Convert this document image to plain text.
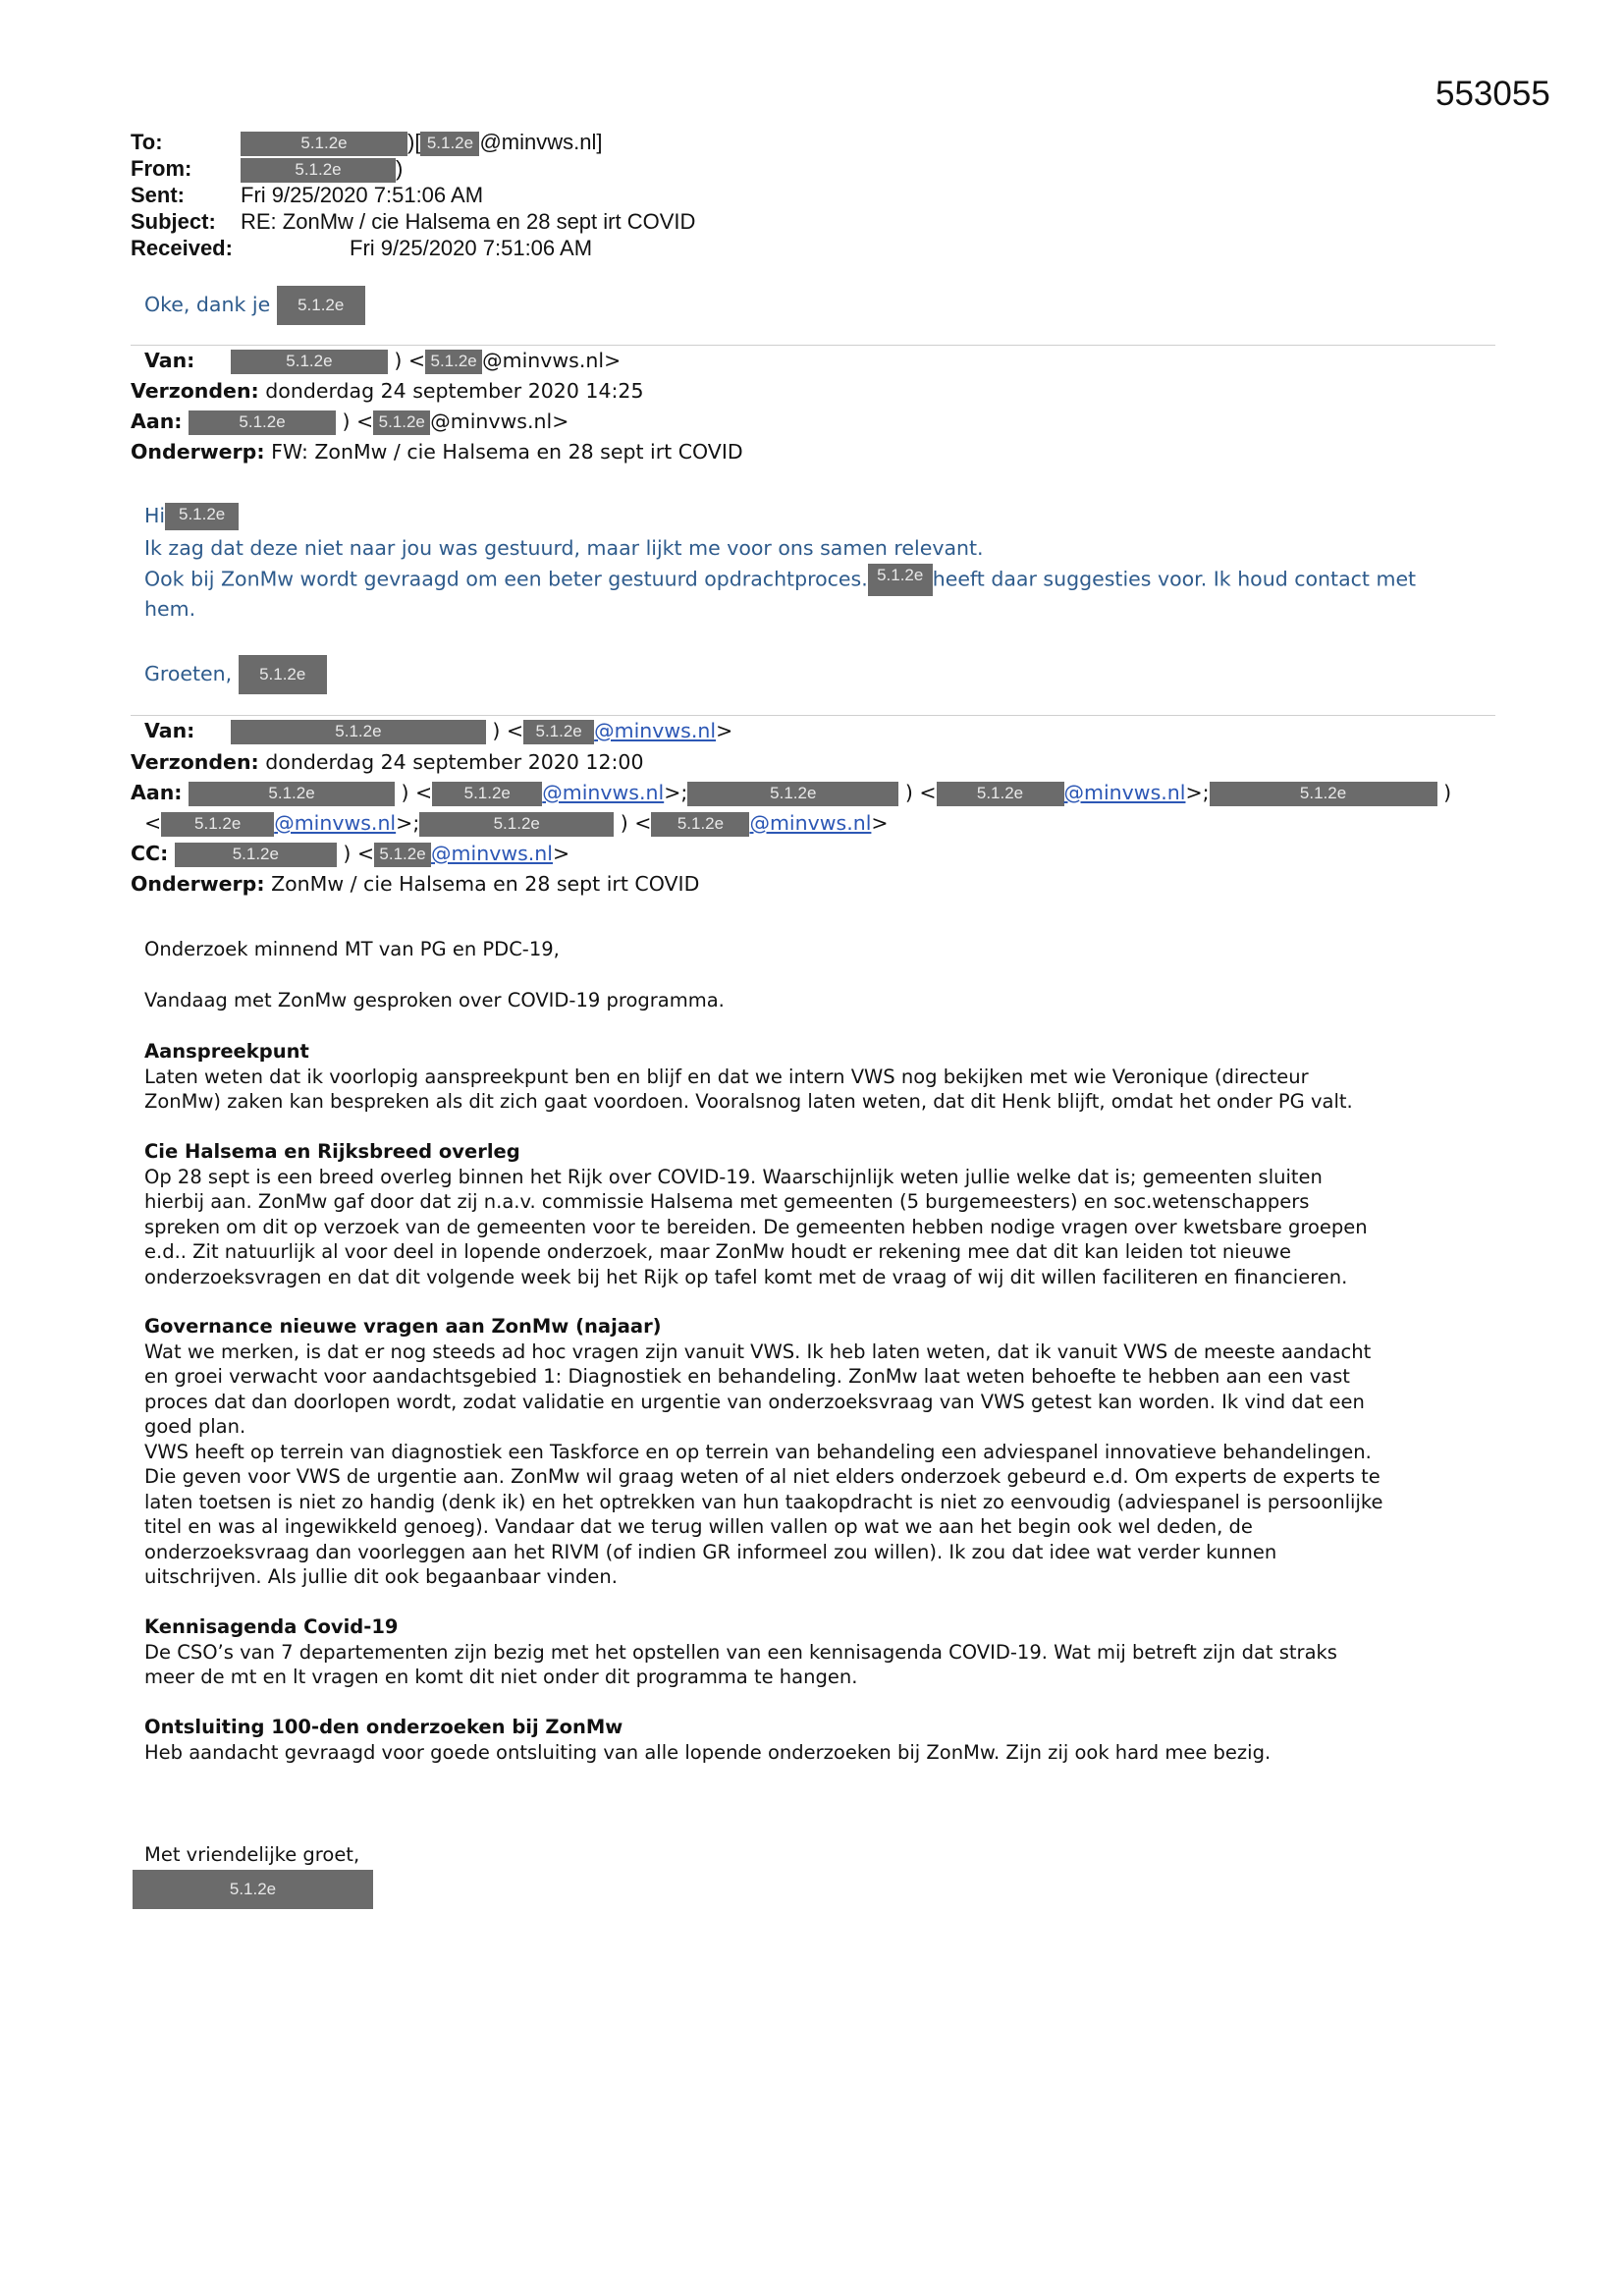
553055
To:	5.1.2e	)[ 5.1.2e @minvws.nl]
From:	5.1.2e	)
Sent:	Fri 9/25/2020 7:51:06 AM
Subject: RE: ZonMw / cie Halsema en 28 sept irt COVID
Received:	Fri 9/25/2020 7:51:06 AM
Oke, dank je 5.1.2e
Van:	5.1.2e	) < 5.1.2e @minvws.nl>
Verzonden: donderdag 24 september 2020 14:25
Aan:	5.1.2e	) < 5.1.2e @minvws.nl>
Onderwerp: FW: ZonMw / cie Halsema en 28 sept irt COVID
Hi 5.1.2e
Ik zag dat deze niet naar jou was gestuurd, maar lijkt me voor ons samen relevant.
Ook bij ZonMw wordt gevraagd om een beter gestuurd opdrachtproces. 5.1.2e heeft daar suggesties voor. Ik houd contact met
hem.
Groeten, 5.1.2e
Van:	5.1.2e	) < 5.1.2e @minvws.nl>
Verzonden: donderdag 24 september 2020 12:00
Aan:	5.1.2e	) < 5.1.2e @minvws.nl>;	5.1.2e	) < 5.1.2e @minvws.nl>;	5.1.2e	)
< 5.1.2e @minvws.nl>;	5.1.2e	) < 5.1.2e @minvws.nl>
CC:	5.1.2e	) < 5.1.2e @minvws.nl>
Onderwerp: ZonMw / cie Halsema en 28 sept irt COVID
Onderzoek minnend MT van PG en PDC-19,
Vandaag met ZonMw gesproken over COVID-19 programma.

Aanspreekpunt

Laten weten dat ik voorlopig aanspreekpunt ben en blijf en dat we intern VWS nog bekijken met wie Veronique (directeur

ZonMw) zaken kan bespreken als dit zich gaat voordoen. Vooralsnog laten weten, dat dit Henk blijft, omdat het onder PG valt.

Cie Halsema en Rijksbreed overleg

Op 28 sept is een breed overleg binnen het Rijk over COVID-19. Waarschijnlijk weten jullie welke dat is; gemeenten sluiten

hierbij aan. ZonMw gaf door dat zij n.a.v. commissie Halsema met gemeenten (5 burgemeesters) en soc.wetenschappers

spreken om dit op verzoek van de gemeenten voor te bereiden. De gemeenten hebben nodige vragen over kwetsbare groepen

e.d.. Zit natuurlijk al voor deel in lopende onderzoek, maar ZonMw houdt er rekening mee dat dit kan leiden tot nieuwe

onderzoeksvragen en dat dit volgende week bij het Rijk op tafel komt met de vraag of wij dit willen faciliteren en financieren.

Governance nieuwe vragen aan ZonMw (najaar)

Wat we merken, is dat er nog steeds ad hoc vragen zijn vanuit VWS. Ik heb laten weten, dat ik vanuit VWS de meeste aandacht

en groei verwacht voor aandachtsgebied 1: Diagnostiek en behandeling. ZonMw laat weten behoefte te hebben aan een vast

proces dat dan doorlopen wordt, zodat validatie en urgentie van onderzoeksvraag van VWS getest kan worden. Ik vind dat een

goed plan.

VWS heeft op terrein van diagnostiek een Taskforce en op terrein van behandeling een adviespanel innovatieve behandelingen.

Die geven voor VWS de urgentie aan. ZonMw wil graag weten of al niet elders onderzoek gebeurd e.d. Om experts de experts te

laten toetsen is niet zo handig (denk ik) en het optrekken van hun taakopdracht is niet zo eenvoudig (adviespanel is persoonlijke

titel en was al ingewikkeld genoeg). Vandaar dat we terug willen vallen op wat we aan het begin ook wel deden, de

onderzoeksvraag dan voorleggen aan het RIVM (of indien GR informeel zou willen). Ik zou dat idee wat verder kunnen

uitschrijven. Als jullie dit ook begaanbaar vinden.

Kennisagenda Covid-19

De CSO’s van 7 departementen zijn bezig met het opstellen van een kennisagenda COVID-19. Wat mij betreft zijn dat straks

meer de mt en lt vragen en komt dit niet onder dit programma te hangen.

Ontsluiting 100-den onderzoeken bij ZonMw

Heb aandacht gevraagd voor goede ontsluiting van alle lopende onderzoeken bij ZonMw. Zijn zij ook hard mee bezig.

Met vriendelijke groet,
5.1.2e
